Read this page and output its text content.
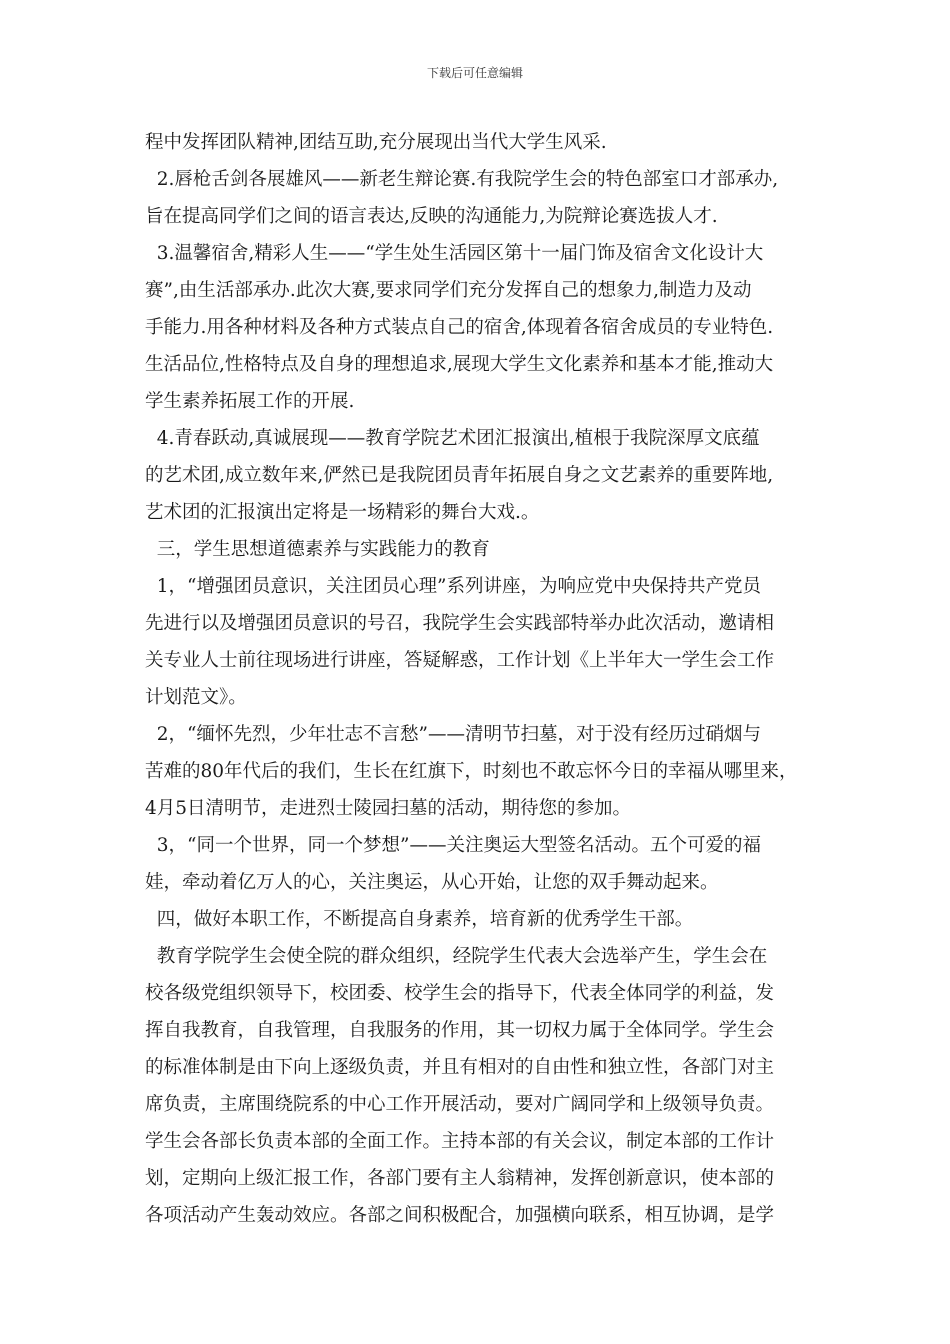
下载后可任意编辑
程中发挥团队精神,团结互助,充分展现出当代大学生风采.
2.唇枪舌剑各展雄风——新老生辩论赛.有我院学生会的特色部室口才部承办,
旨在提高同学们之间的语言表达,反映的沟通能力,为院辩论赛选拔人才.
3.温馨宿舍,精彩人生——“学生处生活园区第十一届门饰及宿舍文化设计大
赛”,由生活部承办.此次大赛,要求同学们充分发挥自己的想象力,制造力及动
手能力.用各种材料及各种方式装点自己的宿舍,体现着各宿舍成员的专业特色.
生活品位,性格特点及自身的理想追求,展现大学生文化素养和基本才能,推动大
学生素养拓展工作的开展.
4.青春跃动,真诚展现——教育学院艺术团汇报演出,植根于我院深厚文底蕴
的艺术团,成立数年来,俨然已是我院团员青年拓展自身之文艺素养的重要阵地,
艺术团的汇报演出定将是一场精彩的舞台大戏.。
三，学生思想道德素养与实践能力的教育
1，“增强团员意识，关注团员心理”系列讲座，为响应党中央保持共产党员
先进行以及增强团员意识的号召，我院学生会实践部特举办此次活动，邀请相
关专业人士前往现场进行讲座，答疑解惑，工作计划《上半年大一学生会工作
计划范文》。
2，“缅怀先烈，少年壮志不言愁”——清明节扫墓，对于没有经历过硝烟与
苦难的80年代后的我们，生长在红旗下，时刻也不敢忘怀今日的幸福从哪里来，
4月5日清明节，走进烈士陵园扫墓的活动，期待您的参加。
3，“同一个世界，同一个梦想”——关注奥运大型签名活动。五个可爱的福
娃，牵动着亿万人的心，关注奥运，从心开始，让您的双手舞动起来。
四，做好本职工作，不断提高自身素养，培育新的优秀学生干部。
教育学院学生会使全院的群众组织，经院学生代表大会选举产生，学生会在
校各级党组织领导下，校团委、校学生会的指导下，代表全体同学的利益，发
挥自我教育，自我管理，自我服务的作用，其一切权力属于全体同学。学生会
的标准体制是由下向上逐级负责，并且有相对的自由性和独立性，各部门对主
席负责，主席围绕院系的中心工作开展活动，要对广阔同学和上级领导负责。
学生会各部长负责本部的全面工作。主持本部的有关会议，制定本部的工作计
划，定期向上级汇报工作，各部门要有主人翁精神，发挥创新意识，使本部的
各项活动产生轰动效应。各部之间积极配合，加强横向联系，相互协调，是学
